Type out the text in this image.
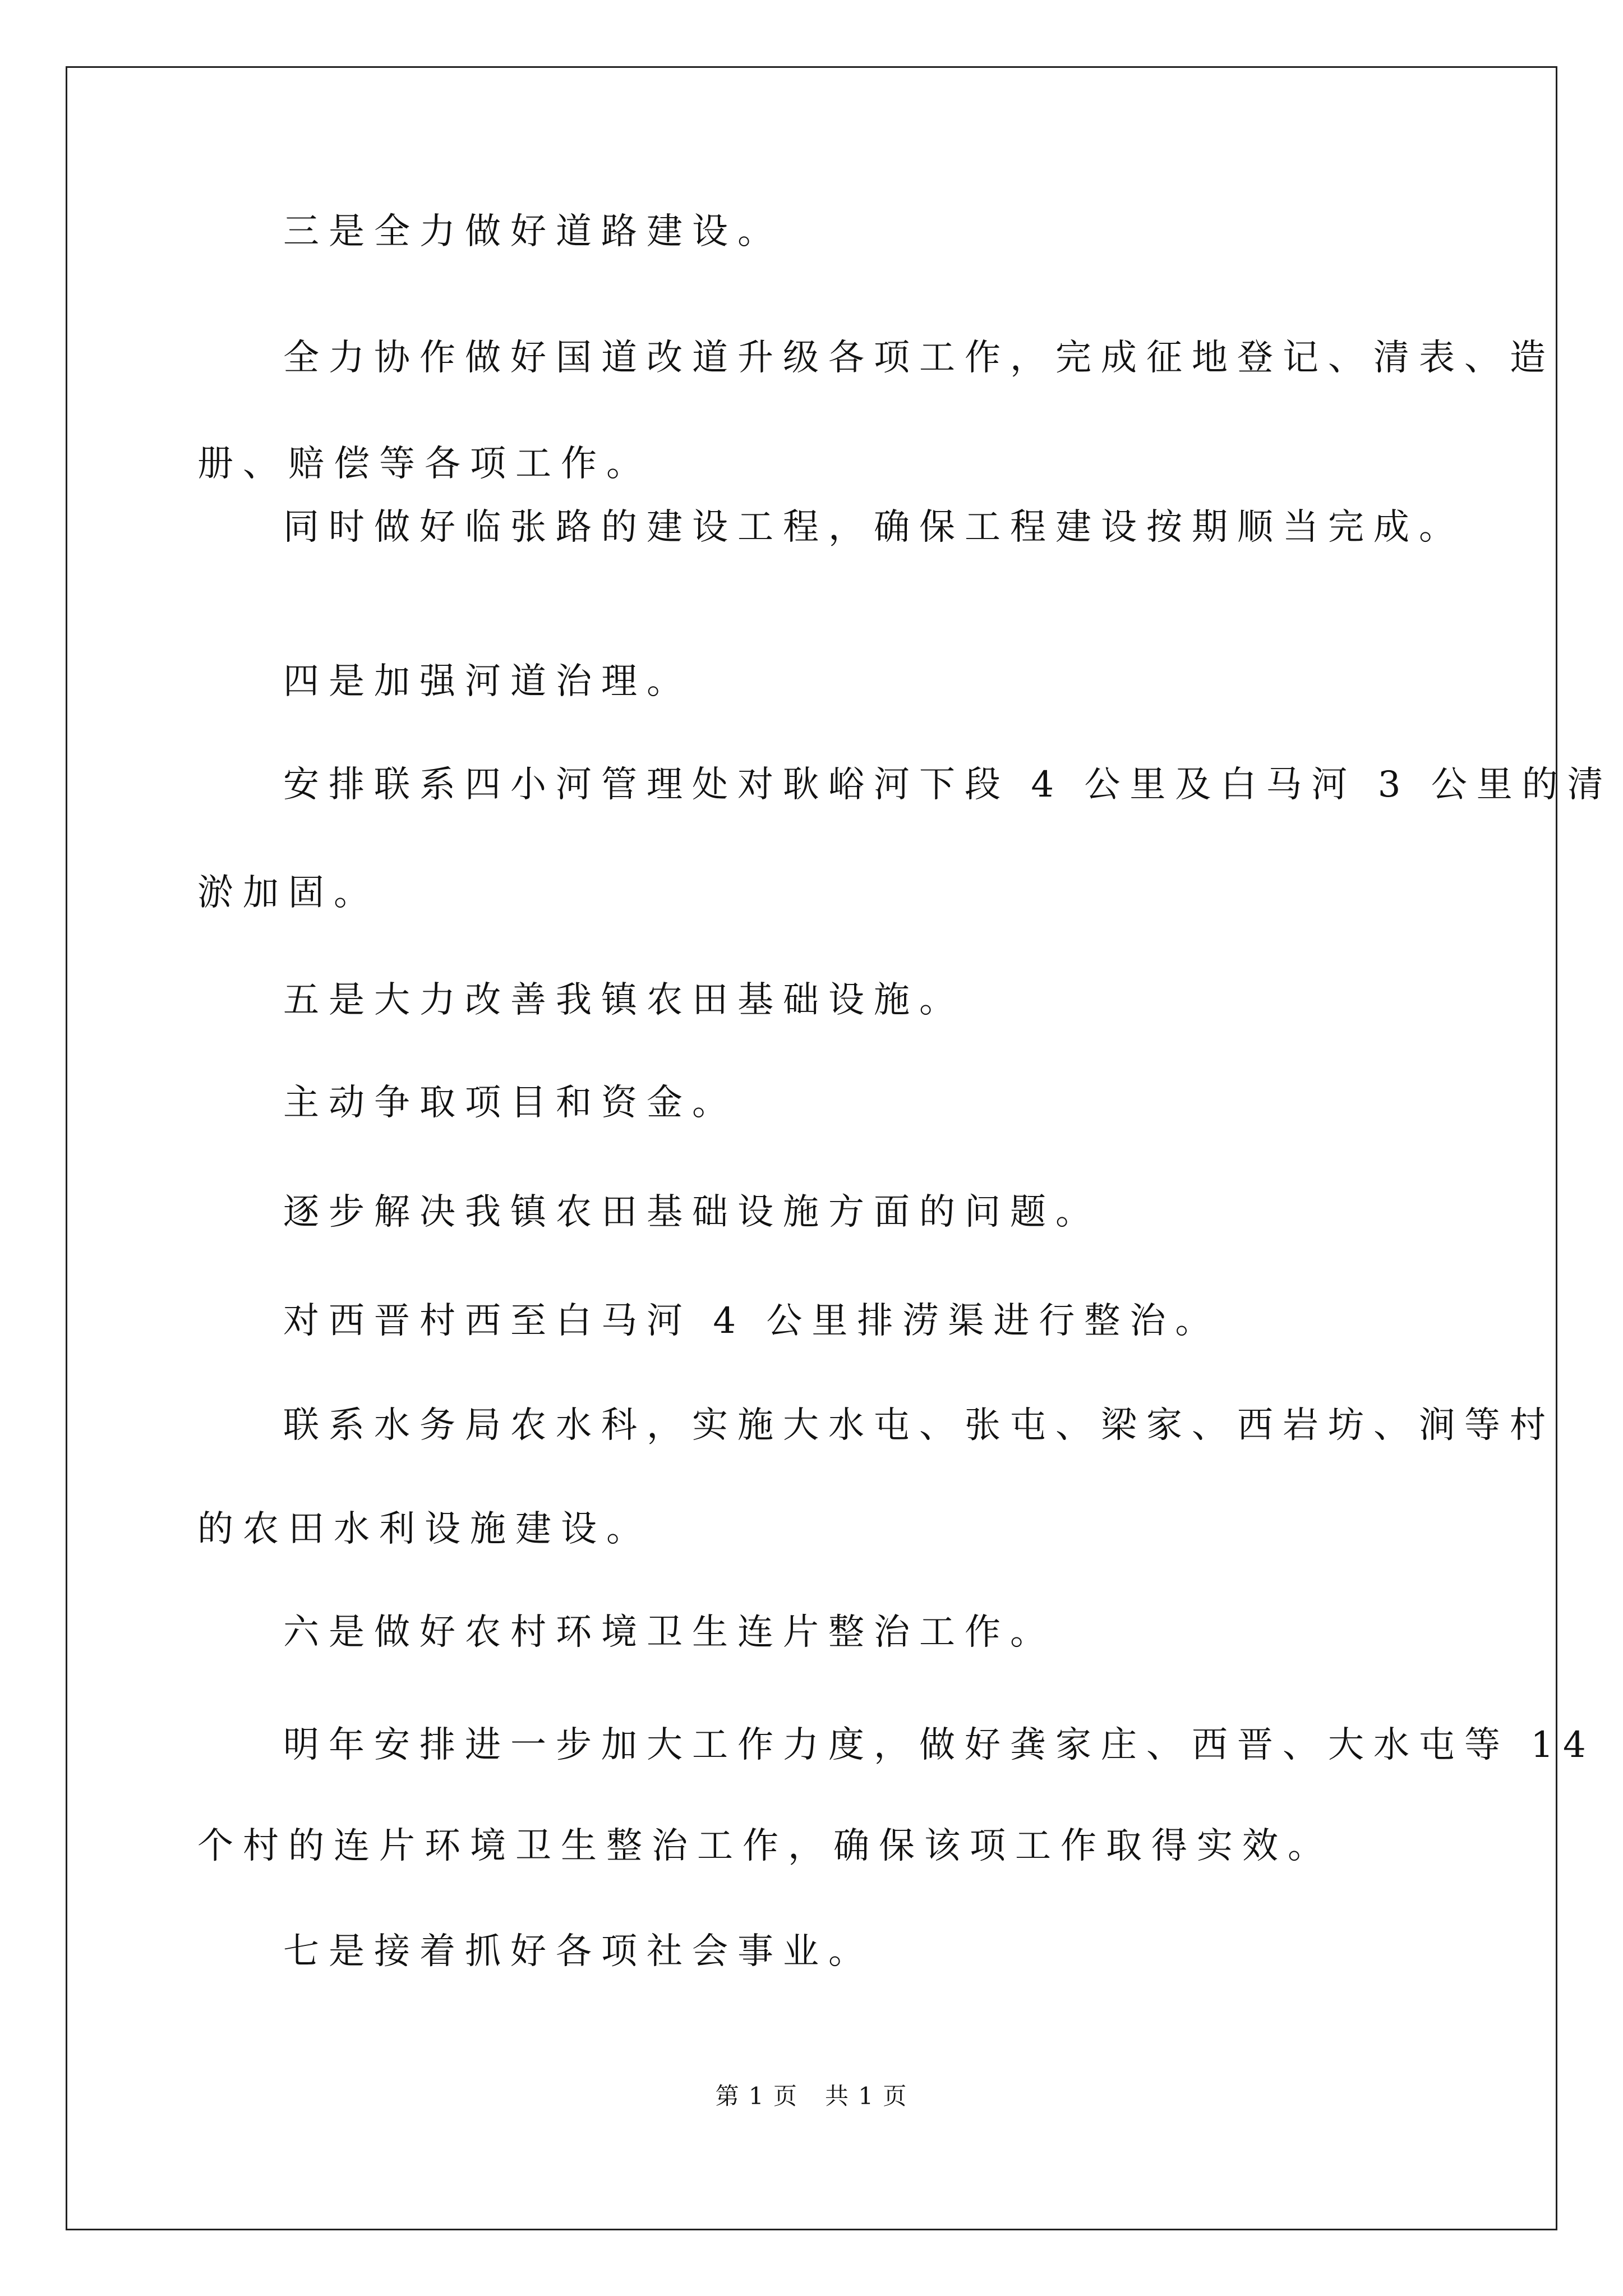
三是全力做好道路建设。
全力协作做好国道改道升级各项工作，完成征地登记、清表、造
册、赔偿等各项工作。
同时做好临张路的建设工程，确保工程建设按期顺当完成。
四是加强河道治理。
安排联系四小河管理处对耿峪河下段 4 公里及白马河 3 公里的清
淤加固。
五是大力改善我镇农田基础设施。
主动争取项目和资金。
逐步解决我镇农田基础设施方面的问题。
对西晋村西至白马河 4 公里排涝渠进行整治。
联系水务局农水科，实施大水屯、张屯、梁家、西岩坊、涧等村
的农田水利设施建设。
六是做好农村环境卫生连片整治工作。
明年安排进一步加大工作力度，做好龚家庄、西晋、大水屯等 14
个村的连片环境卫生整治工作，确保该项工作取得实效。
七是接着抓好各项社会事业。
第 1 页 共 1 页
